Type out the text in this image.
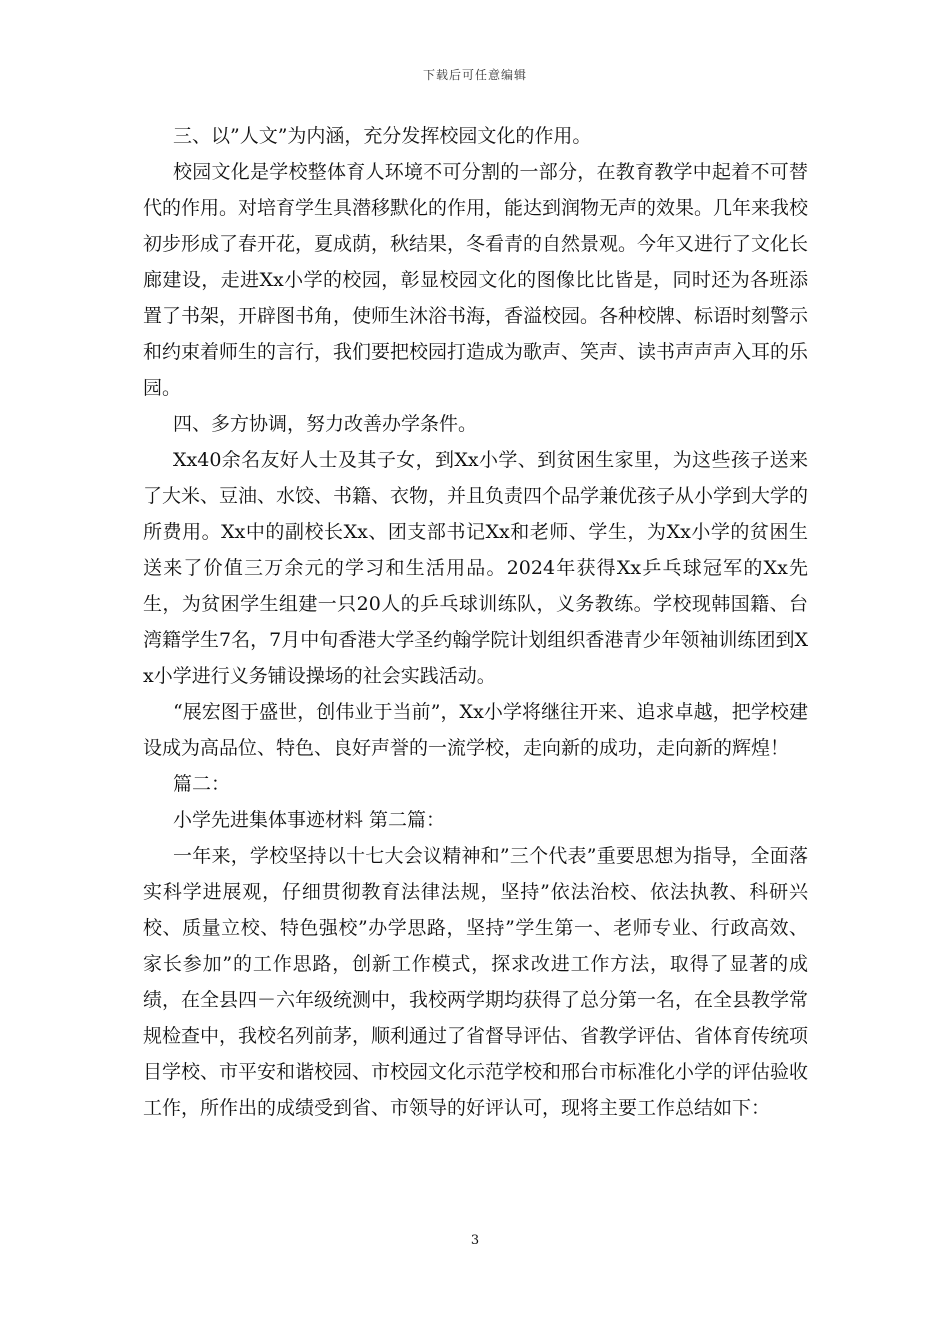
下载后可任意编辑

三、以”人文”为内涵，充分发挥校园文化的作用。

校园文化是学校整体育人环境不可分割的一部分，在教育教学中起着不可替代的作用。对培育学生具潜移默化的作用，能达到润物无声的效果。几年来我校初步形成了春开花，夏成荫，秋结果，冬看青的自然景观。今年又进行了文化长廊建设，走进Xx小学的校园，彰显校园文化的图像比比皆是，同时还为各班添置了书架，开辟图书角，使师生沐浴书海，香溢校园。各种校牌、标语时刻警示和约束着师生的言行，我们要把校园打造成为歌声、笑声、读书声声声入耳的乐园。

四、多方协调，努力改善办学条件。

Xx40余名友好人士及其子女，到Xx小学、到贫困生家里，为这些孩子送来了大米、豆油、水饺、书籍、衣物，并且负责四个品学兼优孩子从小学到大学的所费用。Xx中的副校长Xx、团支部书记Xx和老师、学生，为Xx小学的贫困生送来了价值三万余元的学习和生活用品。2024年获得Xx乒乓球冠军的Xx先生，为贫困学生组建一只20人的乒乓球训练队，义务教练。学校现韩国籍、台湾籍学生7名，7月中旬香港大学圣约翰学院计划组织香港青少年领袖训练团到Xx小学进行义务铺设操场的社会实践活动。

“展宏图于盛世，创伟业于当前”，Xx小学将继往开来、追求卓越，把学校建设成为高品位、特色、良好声誉的一流学校，走向新的成功，走向新的辉煌！

篇二：

小学先进集体事迹材料 第二篇：

一年来，学校坚持以十七大会议精神和”三个代表”重要思想为指导，全面落实科学进展观，仔细贯彻教育法律法规，坚持”依法治校、依法执教、科研兴校、质量立校、特色强校”办学思路，坚持”学生第一、老师专业、行政高效、家长参加”的工作思路，创新工作模式，探求改进工作方法，取得了显著的成绩，在全县四－六年级统测中，我校两学期均获得了总分第一名，在全县教学常规检查中，我校名列前茅，顺利通过了省督导评估、省教学评估、省体育传统项目学校、市平安和谐校园、市校园文化示范学校和邢台市标准化小学的评估验收工作，所作出的成绩受到省、市领导的好评认可，现将主要工作总结如下：

3
